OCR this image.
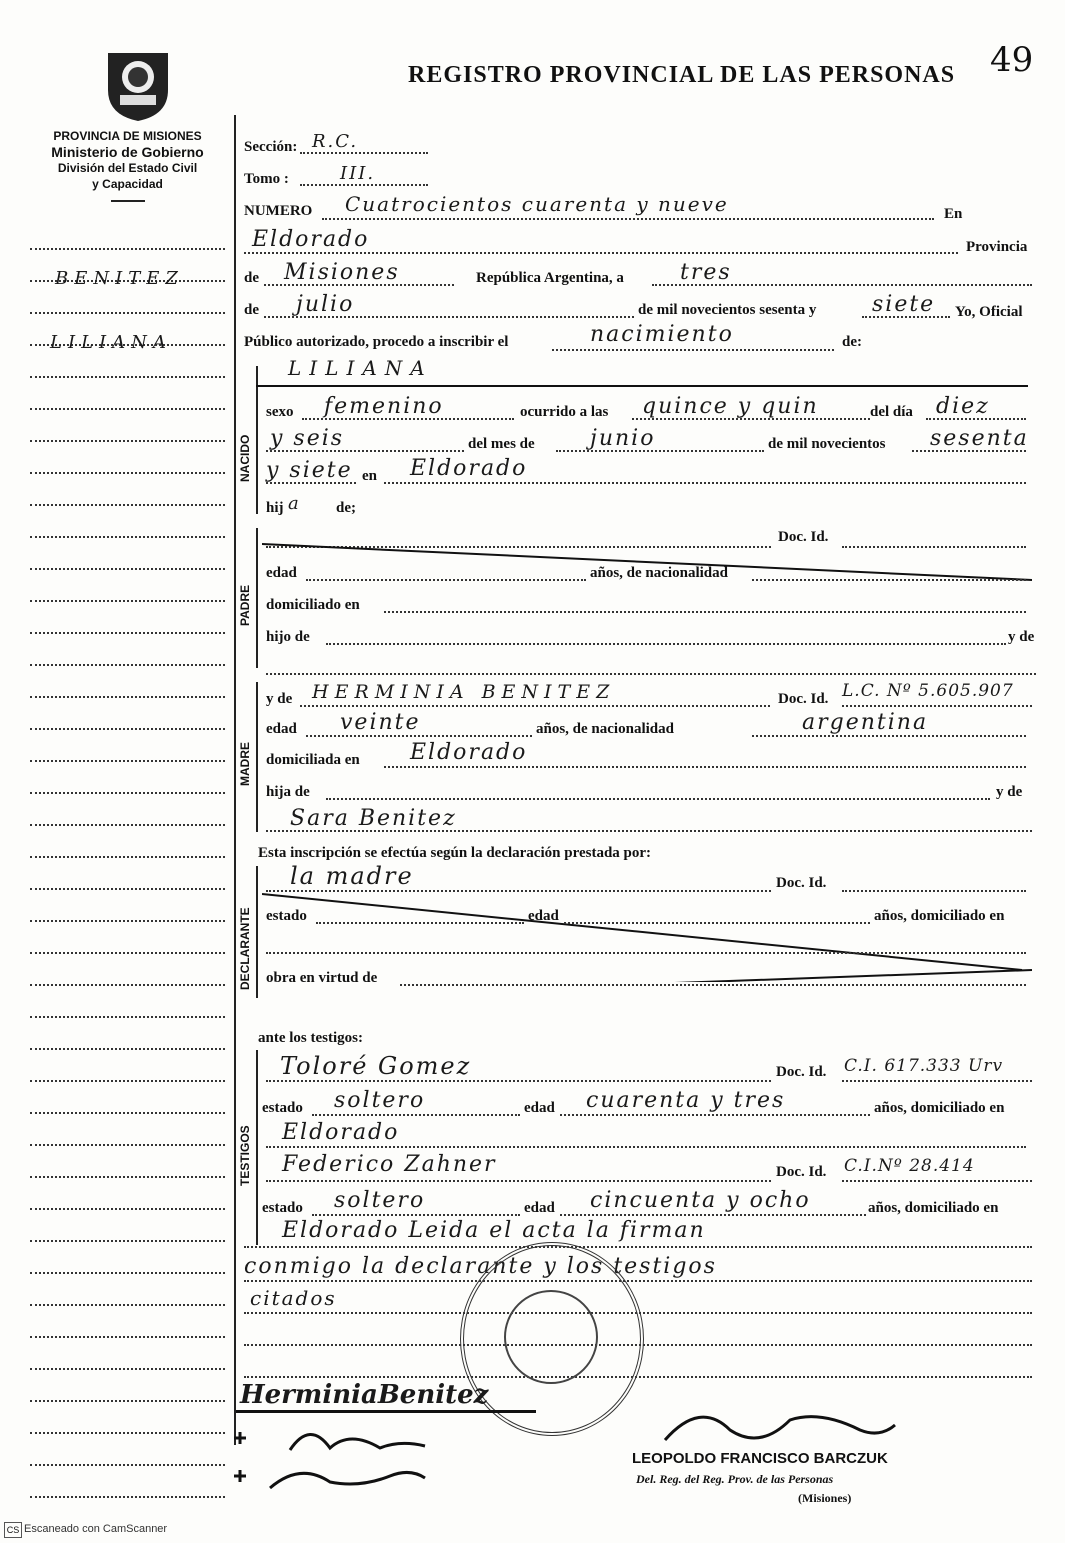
49
REGISTRO PROVINCIAL DE LAS PERSONAS
PROVINCIA DE MISIONES
Ministerio de Gobierno
División del Estado Civil
y Capacidad
BENITEZ
LILIANA
Sección: R.C.
Tomo :	III.
NUMERO Cuatrocientos cuarenta y nueve	En
Eldorado	Provincia
de Misiones	República Argentina, a	tres
de julio	de mil novecientos sesenta y	siete Yo, Oficial
Público autorizado, procedo a inscribir el	nacimiento	de:
LILIANA
NACIDO
sexo femenino	ocurrido a las quince y quin	del día diez
y seis	del mes de	junio	de mil novecientos sesenta
y siete en Eldorado
hij a de;
PADRE
Doc. Id.
edad	años, de nacionalidad
domiciliado en
hijo de	y de
MADRE
y de HERMINIA BENITEZ	Doc. Id. L.C. Nº 5.605.907
edad veinte	años, de nacionalidad	argentina
domiciliada en Eldorado
hija de	y de
Sara Benitez
Esta inscripción se efectúa según la declaración prestada por:
DECLARANTE
la madre	Doc. Id.
estado	edad	años, domiciliado en
obra en virtud de
ante los testigos:
TESTIGOS
Toloré Gomez	Doc. Id. C.I. 617.333 Urv
estado soltero	edad cuarenta y tres	años, domiciliado en
Eldorado
Federico Zahner	Doc. Id. C.I.Nº 28.414
estado soltero	edad cincuenta y ocho	años, domiciliado en
Eldorado Leida el acta la firman
conmigo la declarante y los testigos
citados
HerminiaBenitez
LEOPOLDO FRANCISCO BARCZUK
Del. Reg. del Reg. Prov. de las Personas
(Misiones)
CS Escaneado con CamScanner
